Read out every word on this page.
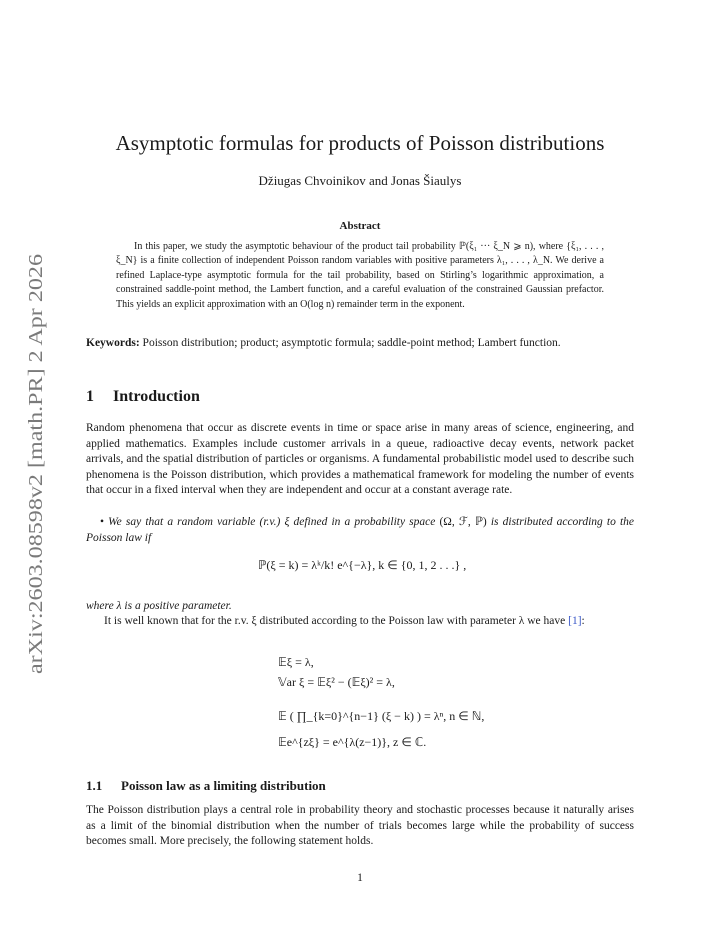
arXiv:2603.08598v2 [math.PR] 2 Apr 2026
Asymptotic formulas for products of Poisson distributions
Džiugas Chvoinikov and Jonas Šiaulys
Abstract
In this paper, we study the asymptotic behaviour of the product tail probability ℙ(ξ₁ ··· ξ_N ⩾ n), where {ξ₁, . . . , ξ_N} is a finite collection of independent Poisson random variables with positive parameters λ₁, . . . , λ_N. We derive a refined Laplace-type asymptotic formula for the tail probability, based on Stirling’s logarithmic approximation, a constrained saddle-point method, the Lambert function, and a careful evaluation of the constrained Gaussian prefactor. This yields an explicit approximation with an O(log n) remainder term in the exponent.
Keywords: Poisson distribution; product; asymptotic formula; saddle-point method; Lambert function.
1 Introduction
Random phenomena that occur as discrete events in time or space arise in many areas of science, engineering, and applied mathematics. Examples include customer arrivals in a queue, radioactive decay events, network packet arrivals, and the spatial distribution of particles or organisms. A fundamental probabilistic model used to describe such phenomena is the Poisson distribution, which provides a mathematical framework for modeling the number of events that occur in a fixed interval when they are independent and occur at a constant average rate.
• We say that a random variable (r.v.) ξ defined in a probability space (Ω, ℱ, ℙ) is distributed according to the Poisson law if
ℙ(ξ = k) = λᵏ/k! e^{−λ}, k ∈ {0, 1, 2 . . .} ,
where λ is a positive parameter.
It is well known that for the r.v. ξ distributed according to the Poisson law with parameter λ we have [1]:
𝔼ξ = λ,
𝕍ar ξ = 𝔼ξ² − (𝔼ξ)² = λ,
𝔼 ( ∏_{k=0}^{n−1} (ξ − k) ) = λⁿ, n ∈ ℕ,
𝔼e^{zξ} = e^{λ(z−1)}, z ∈ ℂ.
1.1 Poisson law as a limiting distribution
The Poisson distribution plays a central role in probability theory and stochastic processes because it naturally arises as a limit of the binomial distribution when the number of trials becomes large while the probability of success becomes small. More precisely, the following statement holds.
1
